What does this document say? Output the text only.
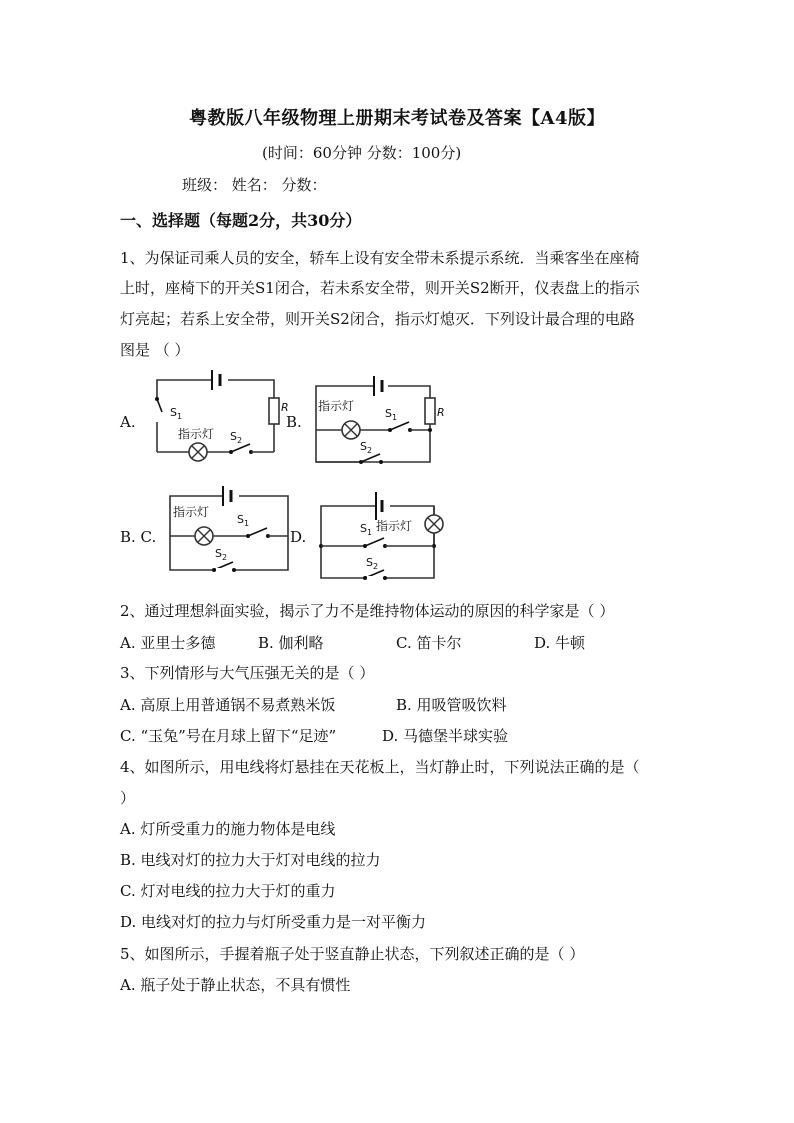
粤教版八年级物理上册期末考试卷及答案【A4版】
(时间：60分钟 分数：100分)
班级： 姓名： 分数：
一、选择题（每题2分，共30分）
1、为保证司乘人员的安全，轿车上设有安全带未系提示系统．当乘客坐在座椅
上时，座椅下的开关S1闭合，若未系安全带，则开关S2断开，仪表盘上的指示
灯亮起；若系上安全带，则开关S2闭合，指示灯熄灭．下列设计最合理的电路
图是 （ ）
A.	B.
B. C.	D.
$S_1$
指示灯 $S_2$
R 指示灯
$S_1$
$S_2$
R
指示灯
$S_1$
$S_2$
$S_1$ 指示灯
$S_2$
2、通过理想斜面实验，揭示了力不是维持物体运动的原因的科学家是（ ）
A. 亚里士多德	B. 伽利略	C. 笛卡尔	D. 牛顿
3、下列情形与大气压强无关的是（ ）
A. 高原上用普通锅不易煮熟米饭	B. 用吸管吸饮料
C. “玉兔”号在月球上留下“足迹”	D. 马德堡半球实验
4、如图所示，用电线将灯悬挂在天花板上，当灯静止时，下列说法正确的是（
）
A. 灯所受重力的施力物体是电线
B. 电线对灯的拉力大于灯对电线的拉力
C. 灯对电线的拉力大于灯的重力
D. 电线对灯的拉力与灯所受重力是一对平衡力
5、如图所示，手握着瓶子处于竖直静止状态，下列叙述正确的是（ ）
A. 瓶子处于静止状态，不具有惯性
